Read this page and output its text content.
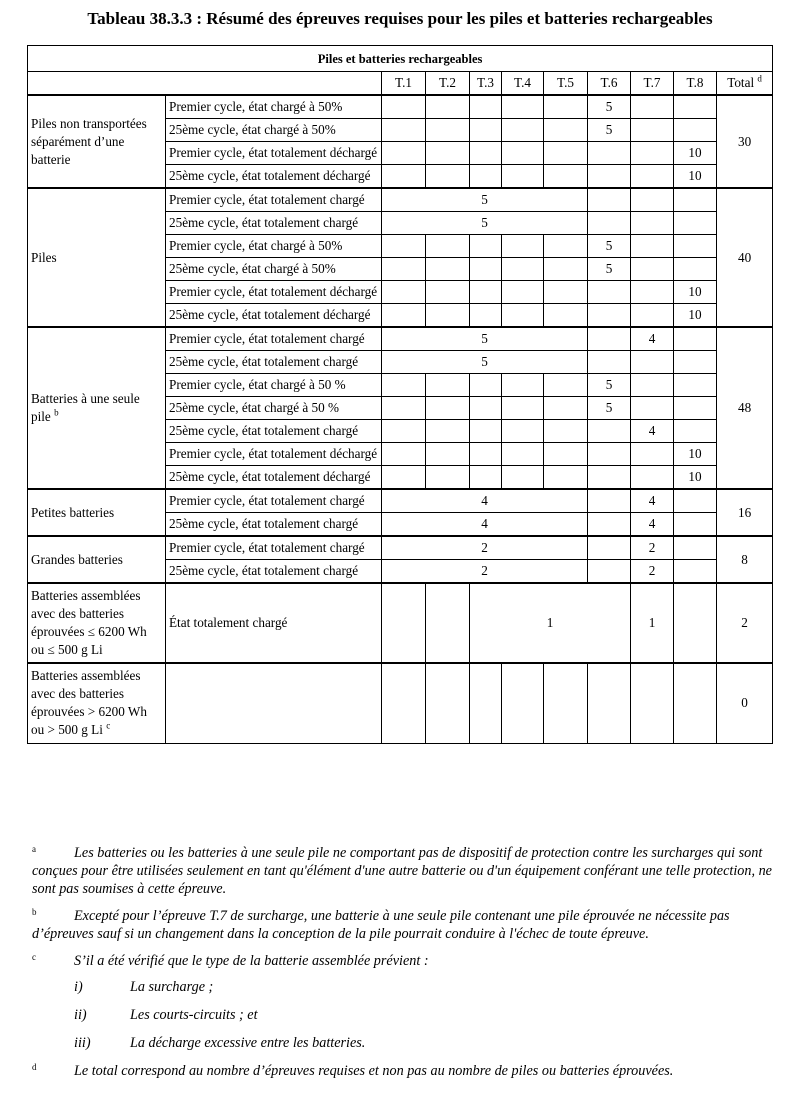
Tableau 38.3.3 : Résumé des épreuves requises pour les piles et batteries rechargeables
Piles et batteries rechargeables										
		T.1	T.2	T.3	T.4	T.5	T.6	T.7	T.8	Total $^d$
Piles non transportées séparément d’une batterie	Premier cycle, état chargé à 50%						5			30
	25ème cycle, état chargé à 50%						5			
	Premier cycle, état totalement déchargé								10	
	25ème cycle, état totalement déchargé								10	
Piles	Premier cycle, état totalement chargé	5								40
	25ème cycle, état totalement chargé	5								
	Premier cycle, état chargé à 50%						5			
	25ème cycle, état chargé à 50%						5			
	Premier cycle, état totalement déchargé								10	
	25ème cycle, état totalement déchargé								10	
Batteries à une seule pile $^b$	Premier cycle, état totalement chargé	5						4		48
	25ème cycle, état totalement chargé	5								
	Premier cycle, état chargé à 50 %						5			
	25ème cycle, état chargé à 50 %						5			
	25ème cycle, état totalement chargé							4		
	Premier cycle, état totalement déchargé								10	
	25ème cycle, état totalement déchargé								10	
Petites batteries	Premier cycle, état totalement chargé	4						4		16
	25ème cycle, état totalement chargé	4						4		
Grandes batteries	Premier cycle, état totalement chargé	2						2		8
	25ème cycle, état totalement chargé	2						2		
Batteries assemblées avec des batteries éprouvées ≤ 6200 Wh ou ≤ 500 g Li	État totalement chargé			1				1		2
Batteries assemblées avec des batteries éprouvées > 6200 Wh ou > 500 g Li $^c$										0
a	Les batteries ou les batteries à une seule pile ne comportant pas de dispositif de protection contre les surcharges qui sont conçues pour être utilisées seulement en tant qu'élément d'une autre batterie ou d'un équipement conférant une telle protection, ne sont pas soumises à cette épreuve.
b	Excepté pour l’épreuve T.7 de surcharge, une batterie à une seule pile contenant une pile éprouvée ne nécessite pas d’épreuves sauf si un changement dans la conception de la pile pourrait conduire à l'échec de toute épreuve.
c	S’il a été vérifié que le type de la batterie assemblée prévient :
i)	La surcharge ;
ii)	Les courts-circuits ; et
iii)	La décharge excessive entre les batteries.
d	Le total correspond au nombre d’épreuves requises et non pas au nombre de piles ou batteries éprouvées.
